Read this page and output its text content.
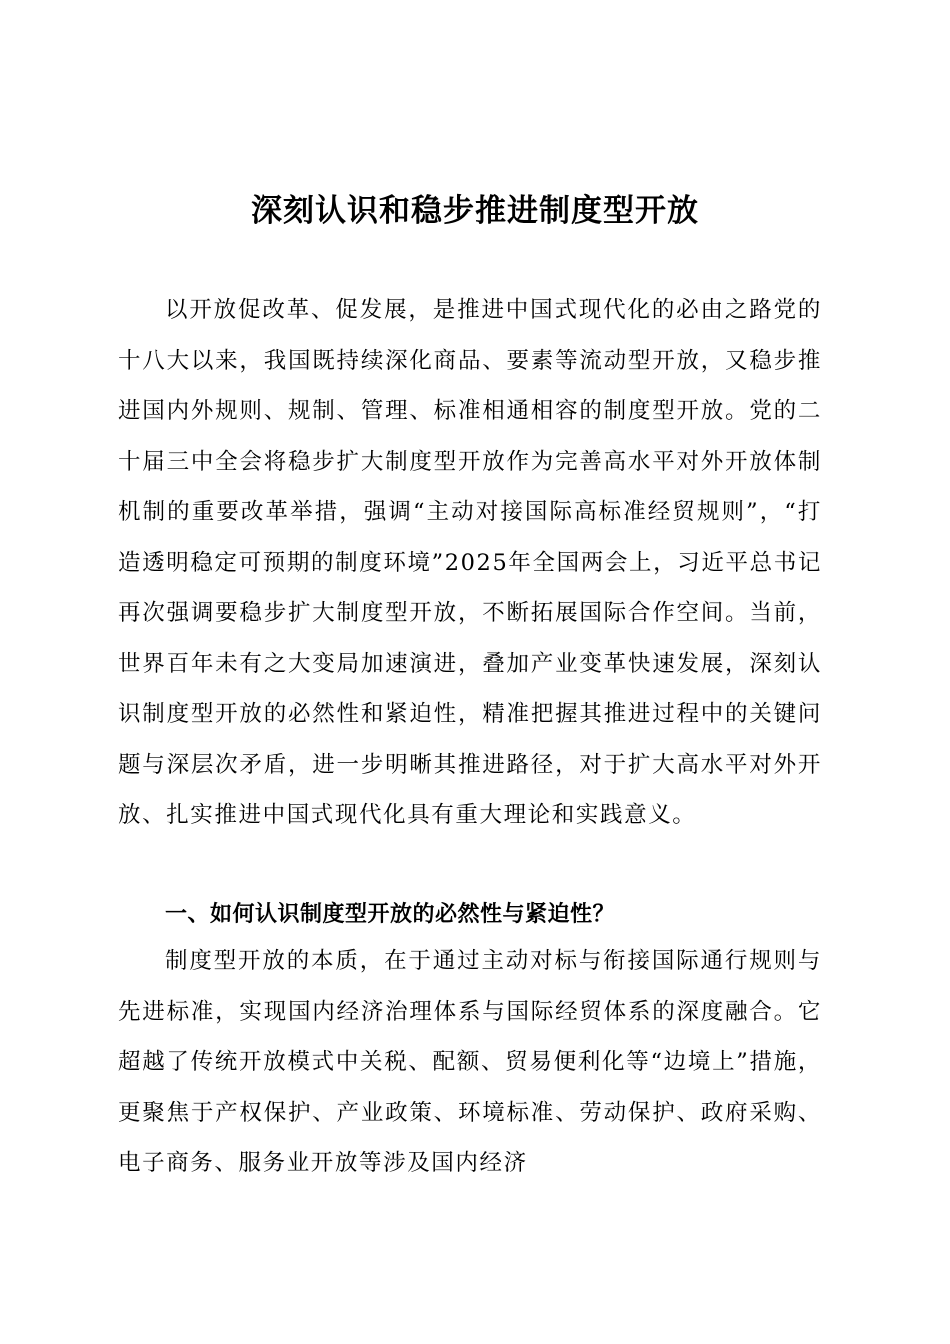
深刻认识和稳步推进制度型开放

以开放促改革、促发展，是推进中国式现代化的必由之路党的十八大以来，我国既持续深化商品、要素等流动型开放，又稳步推进国内外规则、规制、管理、标准相通相容的制度型开放。党的二十届三中全会将稳步扩大制度型开放作为完善高水平对外开放体制机制的重要改革举措，强调“主动对接国际高标准经贸规则”，“打造透明稳定可预期的制度环境”2025年全国两会上，习近平总书记再次强调要稳步扩大制度型开放，不断拓展国际合作空间。当前，世界百年未有之大变局加速演进，叠加产业变革快速发展，深刻认识制度型开放的必然性和紧迫性，精准把握其推进过程中的关键问题与深层次矛盾，进一步明晰其推进路径，对于扩大高水平对外开放、扎实推进中国式现代化具有重大理论和实践意义。

一、如何认识制度型开放的必然性与紧迫性？

制度型开放的本质，在于通过主动对标与衔接国际通行规则与先进标准，实现国内经济治理体系与国际经贸体系的深度融合。它超越了传统开放模式中关税、配额、贸易便利化等“边境上”措施，更聚焦于产权保护、产业政策、环境标准、劳动保护、政府采购、电子商务、服务业开放等涉及国内经济
